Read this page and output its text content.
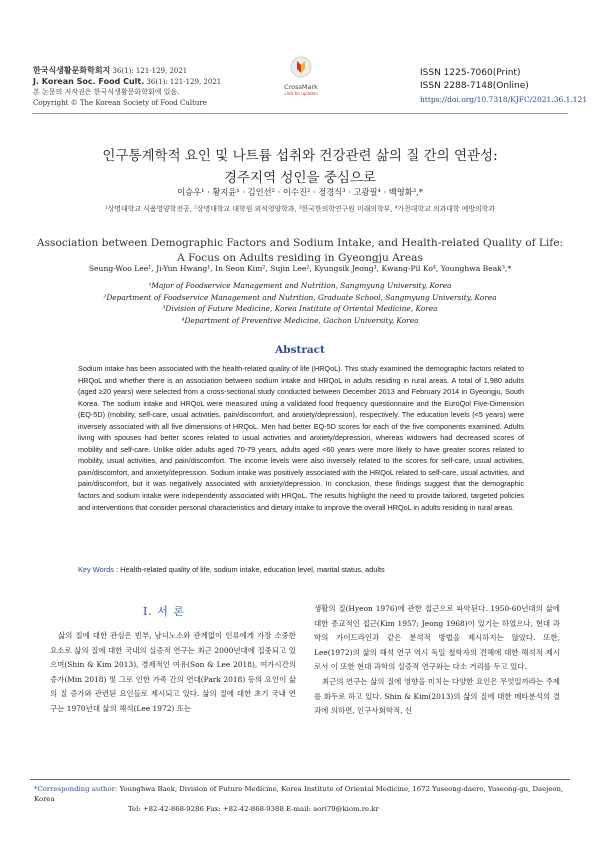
한국식생활문화학회지 36(1): 121-129, 2021
J. Korean Soc. Food Cult. 36(1): 121-129, 2021
본 논문의 저작권은 한국식생활문화학회에 있음.
Copyright © The Korean Society of Food Culture
CrossMark
click for updates
ISSN 1225-7060(Print)
ISSN 2288-7148(Online)
https://doi.org/10.7318/KJFC/2021.36.1.121
인구통계학적 요인 및 나트륨 섭취와 건강관련 삶의 질 간의 연관성:
경주지역 성인을 중심으로
이승우¹ · 황지윤¹ · 김인선² · 이수진² · 정경식³ · 고광필⁴ · 백영화³,*
¹상명대학교 식품영양학전공, ²상명대학교 대학원 외식영양학과, ³한국한의학연구원 미래의학부, ⁴가천대학교 의과대학 예방의학과
Association between Demographic Factors and Sodium Intake, and Health-related Quality of Life:
A Focus on Adults residing in Gyeongju Areas
Seung-Woo Lee¹, Ji-Yun Hwang¹, In Seon Kim², Sujin Lee², Kyungsik Jeong³, Kwang-Pil Ko⁴, Younghwa Beak³,*
¹Major of Foodservice Management and Nutrition, Sangmyung University, Korea
²Department of Foodservice Management and Nutrition, Graduate School, Sangmyung University, Korea
³Division of Future Medicine, Korea Institute of Oriental Medicine, Korea
⁴Department of Preventive Medicine, Gachon University, Korea
Abstract
Sodium intake has been associated with the health-related quality of life (HRQoL). This study examined the demographic factors related to HRQoL and whether there is an association between sodium intake and HRQoL in adults residing in rural areas. A total of 1,980 adults (aged ≥20 years) were selected from a cross-sectional study conducted between December 2013 and February 2014 in Gyeongju, South Korea. The sodium intake and HRQoL were measured using a validated food frequency questionnaire and the EuroQol Five-Dimension (EQ-5D) (mobility, self-care, usual activities, pain/discomfort, and anxiety/depression), respectively. The education levels (<5 years) were inversely associated with all five dimensions of HRQoL. Men had better EQ-5D scores for each of the five components examined. Adults living with spouses had better scores related to usual activities and anxiety/depression, whereas widowers had decreased scores of mobility and self-care. Unlike older adults aged 70-79 years, adults aged <60 years were more likely to have greater scores related to mobility, usual activities, and pain/discomfort. The income levels were also inversely related to the scores for self-care, usual activities, pain/discomfort, and anxiety/depression. Sodium intake was positively associated with the HRQoL related to self-care, usual activities, and pain/discomfort, but it was negatively associated with anxiety/depression. In conclusion, these findings suggest that the demographic factors and sodium intake were independently associated with HRQoL. The results highlight the need to provide tailored, targeted policies and interventions that consider personal characteristics and dietary intake to improve the overall HRQoL in adults residing in rural areas.
Key Words : Health-related quality of life, sodium intake, education level, marital status, adults
I. 서 론

삶의 질에 대한 관심은 빈부, 남녀노소와 관계없이 인류에게 가장 소중한 요소로 삶의 질에 대한 국내의 실증적 연구는 최근 2000년대에 집중되고 있으며(Shin & Kim 2013), 경제적인 여유(Son & Lee 2018), 여가시간의 증가(Min 2018) 및 그로 인한 가족 간의 연대(Park 2018) 등의 요인이 삶의 질 증가와 관련된 요인들로 제시되고 있다. 삶의 질에 대한 초기 국내 연구는 1970년대 삶의 해석(Lee 1972) 또는

생활의 질(Hyeon 1976)에 관한 접근으로 파악된다. 1950-60년대의 삶에 대한 종교적인 접근(Kim 1957; Jeong 1968)이 있기는 하였으나, 현대 과학의 가이드라인과 같은 분석적 방법을 제시하지는 않았다. 또한, Lee(1972)의 삶의 해석 연구 역시 독일 철학자의 견해에 대한 해석적 제시로서 이 또한 현대 과학의 실증적 연구와는 다소 거리를 두고 있다.

최근의 연구는 삶의 질에 영향을 미치는 다양한 요인은 무엇일까라는 주제를 화두로 하고 있다. Shin & Kim(2013)의 삶의 질에 대한 메타분석의 결과에 의하면, 인구사회학적, 신

*Corresponding author: Younghwa Baek, Division of Future Medicine, Korea Institute of Oriental Medicine, 1672 Yuseong-daero, Yuseong-gu, Daejeon, Korea
Tel: +82-42-868-9286 Fax: +82-42-868-9388 E-mail: aori79@kiom.re.kr
